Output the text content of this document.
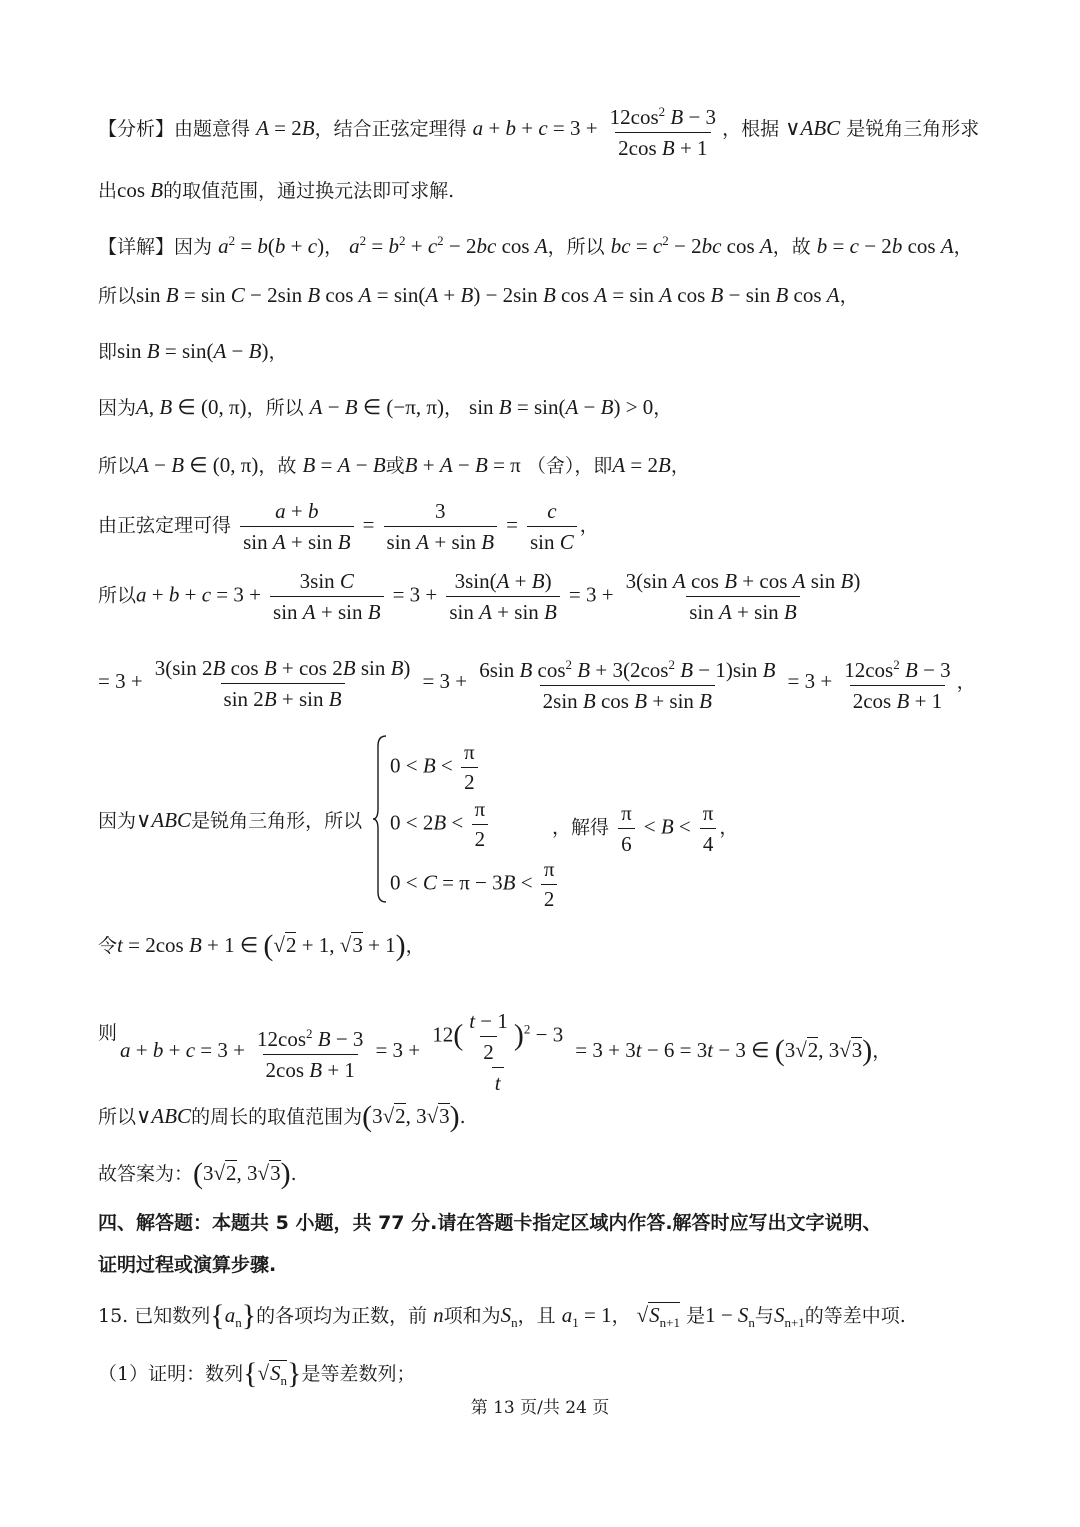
【分析】由题意得 A = 2B，结合正弦定理得 $a + b + c = 3 + \frac{12\cos^2 B - 3}{\text{2cos B + 1}}$ ，根据 ∨ABC 是锐角三角形求
出cos B的取值范围，通过换元法即可求解.
【详解】因为 $a^2 = b(b + c)$， $a^2 = b^2 + c^2 - 2bc$ cos A，所以 bc = $c^2 - 2bc$ cos A，故 b = c − 2b cos A，
所以sin B = sin C − 2sin B cos A = sin(A + B) − 2sin B cos A = sin A cos B − sin B cos A，
即sin B = sin(A − B)，
因为A, B ∈ (0, π)，所以 A − B ∈ (−π, π)， sin B = sin(A − B) > 0，
所以A − B ∈ (0, π)，故 B = A − B或B + A − B = π （舍），即A = 2B，
由正弦定理可得 $\frac{a + b}{\text{sin A + sin B}} = \frac{3}{\text{sin A + sin B}} = \frac{c}{\text{sin C}}$ ，
所以$a + b + c = 3 + \frac{\text{3sin C}}{\text{sin A + sin B}} = 3 + \frac{3\sin(A + B)}{\text{sin A + sin B}} = 3 + \frac{\text{3(sin A cos B + cos A sin B)}}{\text{sin A + sin B}}$
= $3 + \frac{\text{3(sin 2B cos B + cos 2B sin B)}}{\text{sin 2B + sin B}} = 3 + \frac{6\sin B \cos^2 B + 3(2\cos^2 B - 1)\sin B}{\text{2sin B cos B + sin B}} = 3 + \frac{12\cos^2 B - 3}{\text{2cos B + 1}}$ ，
因为∨ABC是锐角三角形，所以
$0 < B < \frac{\pi}{2}$
$0 < 2B < \frac{\pi}{2}$
$0 < C = \pi - 3B < \frac{\pi}{2}$
，解得 $\frac{\pi}{6} < B < \frac{\pi}{4}$ ，
令t = 2cos B + 1 ∈ (√2 + 1, √3 + 1)，
则
$a + b + c = 3 + \frac{12\cos^2 B - 3}{\text{2cos B + 1}} = 3 + \frac{12( \frac{t - 1}{2} )^2 - 3}{t} = 3 + 3t - 6 = 3t - 3$ ∈ (3√2, 3√3)，
所以∨ABC的周长的取值范围为(3√2, 3√3).
故答案为：(3√2, 3√3).
四、解答题：本题共 5 小题，共 77 分.请在答题卡指定区域内作答.解答时应写出文字说明、
证明过程或演算步骤.
15. 已知数列$\{a_n\}$的各项均为正数，前 n项和为$S_n$，且 $a_1 = 1$， $√S_{n+1}$ 是$1 - S_n$与$S_{n+1}$的等差中项.
（1）证明：数列$\{√S_n\}$是等差数列；
第 13 页/共 24 页
